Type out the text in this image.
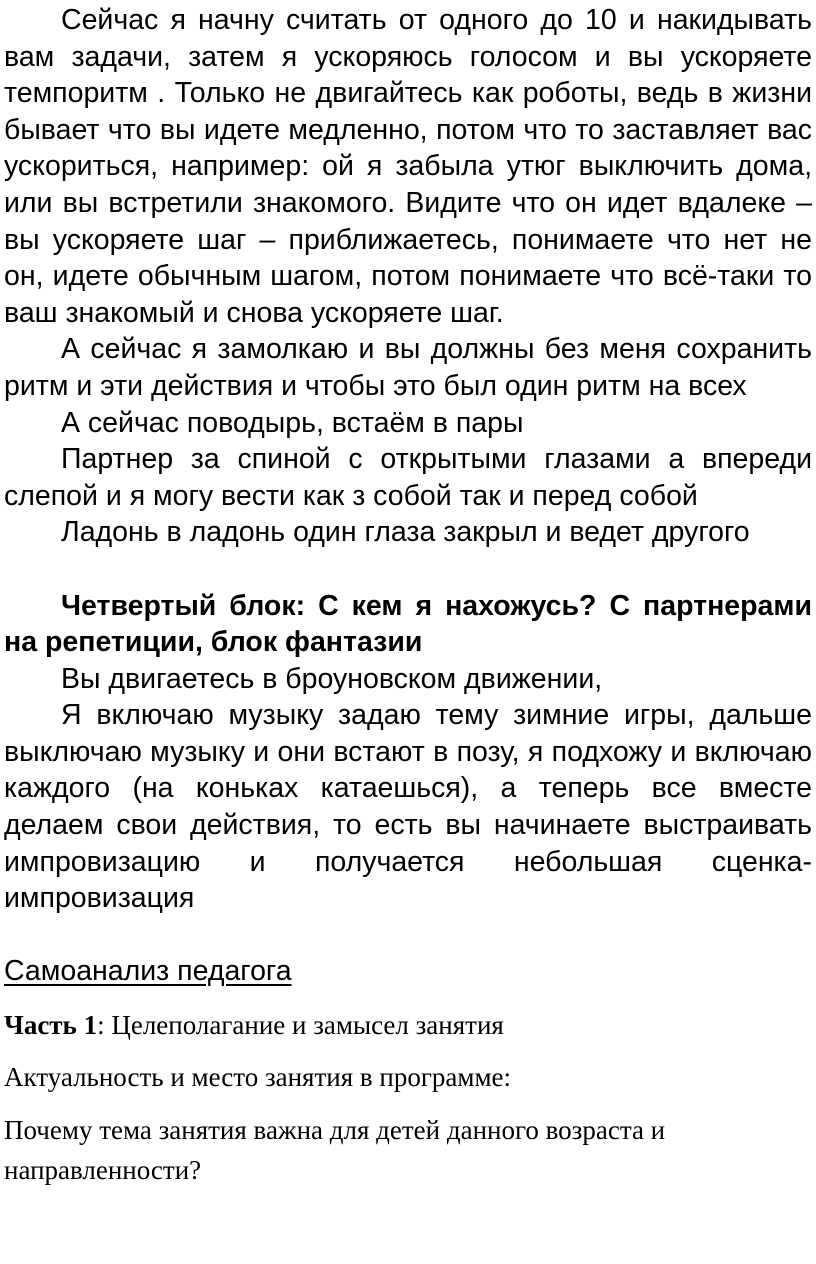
Сейчас я начну считать от одного до 10 и накидывать вам задачи, затем я ускоряюсь голосом и вы ускоряете темпоритм . Только не двигайтесь как роботы, ведь в жизни бывает что вы идете медленно, потом что то заставляет вас ускориться, например: ой я забыла утюг выключить дома, или вы встретили знакомого. Видите что он идет вдалеке – вы ускоряете шаг – приближаетесь, понимаете что нет не он, идете обычным шагом, потом понимаете что всё-таки то ваш знакомый и снова ускоряете шаг.

А сейчас я замолкаю и вы должны без меня сохранить ритм и эти действия и чтобы это был один ритм на всех

А сейчас поводырь, встаём в пары

Партнер за спиной с открытыми глазами а впереди слепой и я могу вести как з собой так и перед собой

Ладонь в ладонь один глаза закрыл и ведет другого

Четвертый блок: С кем я нахожусь? С партнерами на репетиции, блок фантазии

Вы двигаетесь в броуновском движении,

Я включаю музыку задаю тему зимние игры, дальше выключаю музыку и они встают в позу, я подхожу и включаю каждого (на коньках катаешься), а теперь все вместе делаем свои действия, то есть вы начинаете выстраивать импровизацию и получается небольшая сценка-импровизация

Самоанализ педагога

Часть 1: Целеполагание и замысел занятия

Актуальность и место занятия в программе:

Почему тема занятия важна для детей данного возраста и направленности?
